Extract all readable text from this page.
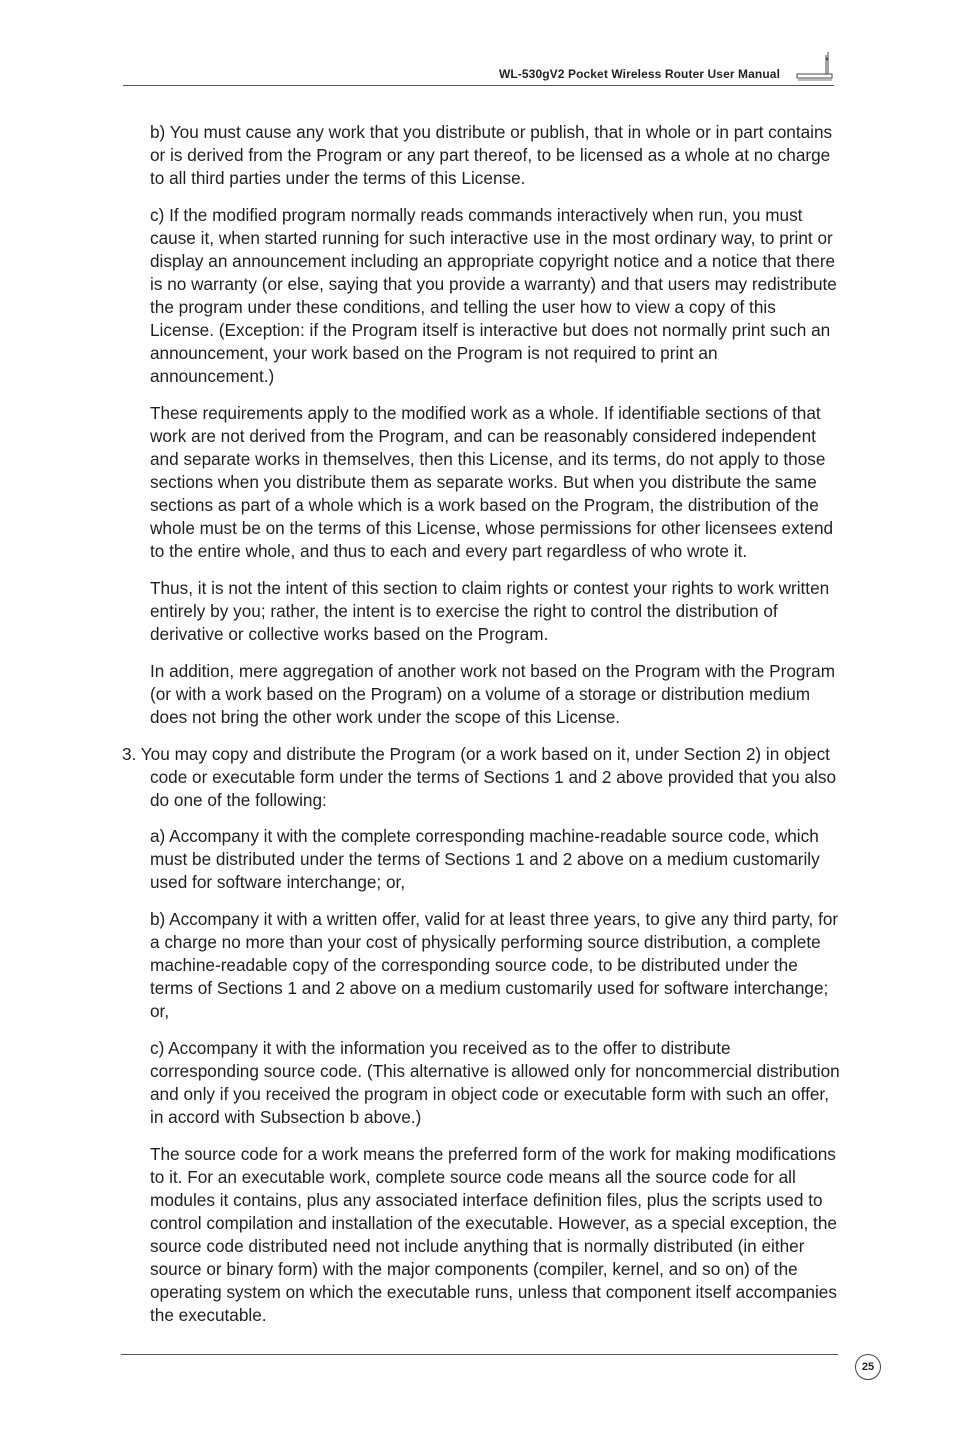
WL-530gV2 Pocket Wireless Router User Manual

b) You must cause any work that you distribute or publish, that in whole or in part contains or is derived from the Program or any part thereof, to be licensed as a whole at no charge to all third parties under the terms of this License.

c) If the modified program normally reads commands interactively when run, you must cause it, when started running for such interactive use in the most ordinary way, to print or display an announcement including an appropriate copyright notice and a notice that there is no warranty (or else, saying that you provide a warranty) and that users may redistribute the program under these conditions, and telling the user how to view a copy of this License. (Exception: if the Program itself is interactive but does not normally print such an announcement, your work based on the Program is not required to print an announcement.)

These requirements apply to the modified work as a whole. If identifiable sections of that work are not derived from the Program, and can be reasonably considered independent and separate works in themselves, then this License, and its terms, do not apply to those sections when you distribute them as separate works. But when you distribute the same sections as part of a whole which is a work based on the Program, the distribution of the whole must be on the terms of this License, whose permissions for other licensees extend to the entire whole, and thus to each and every part regardless of who wrote it.

Thus, it is not the intent of this section to claim rights or contest your rights to work written entirely by you; rather, the intent is to exercise the right to control the distribution of derivative or collective works based on the Program.

In addition, mere aggregation of another work not based on the Program with the Program (or with a work based on the Program) on a volume of a storage or distribution medium does not bring the other work under the scope of this License.

3. You may copy and distribute the Program (or a work based on it, under Section 2) in object code or executable form under the terms of Sections 1 and 2 above provided that you also do one of the following:

a) Accompany it with the complete corresponding machine-readable source code, which must be distributed under the terms of Sections 1 and 2 above on a medium customarily used for software interchange; or,

b) Accompany it with a written offer, valid for at least three years, to give any third party, for a charge no more than your cost of physically performing source distribution, a complete machine-readable copy of the corresponding source code, to be distributed under the terms of Sections 1 and 2 above on a medium customarily used for software interchange; or,

c) Accompany it with the information you received as to the offer to distribute corresponding source code. (This alternative is allowed only for noncommercial distribution and only if you received the program in object code or executable form with such an offer, in accord with Subsection b above.)

The source code for a work means the preferred form of the work for making modifications to it. For an executable work, complete source code means all the source code for all modules it contains, plus any associated interface definition files, plus the scripts used to control compilation and installation of the executable. However, as a special exception, the source code distributed need not include anything that is normally distributed (in either source or binary form) with the major components (compiler, kernel, and so on) of the operating system on which the executable runs, unless that component itself accompanies the executable.

25
